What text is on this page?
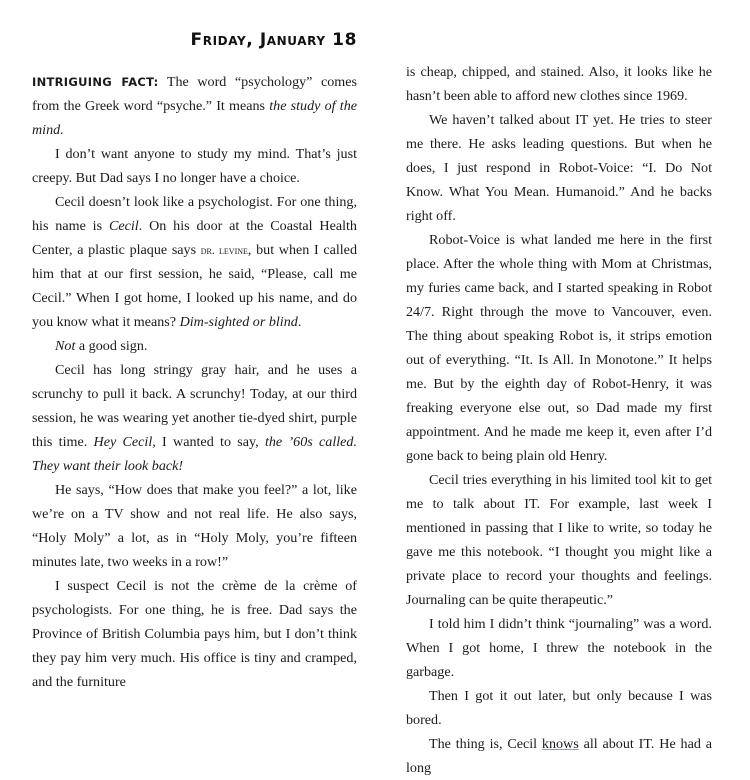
Friday, January 18

INTRIGUING FACT: The word “psychology” comes from the Greek word “psyche.” It means the study of the mind.

I don’t want anyone to study my mind. That’s just creepy. But Dad says I no longer have a choice.

Cecil doesn’t look like a psychologist. For one thing, his name is Cecil. On his door at the Coastal Health Center, a plastic plaque says dr. levine, but when I called him that at our first session, he said, “Please, call me Cecil.” When I got home, I looked up his name, and do you know what it means? Dim-sighted or blind.

Not a good sign.

Cecil has long stringy gray hair, and he uses a scrunchy to pull it back. A scrunchy! Today, at our third session, he was wearing yet another tie-dyed shirt, purple this time. Hey Cecil, I wanted to say, the ’60s called. They want their look back!

He says, “How does that make you feel?” a lot, like we’re on a TV show and not real life. He also says, “Holy Moly” a lot, as in “Holy Moly, you’re fifteen minutes late, two weeks in a row!”

I suspect Cecil is not the crème de la crème of psychologists. For one thing, he is free. Dad says the Province of British Columbia pays him, but I don’t think they pay him very much. His office is tiny and cramped, and the furniture

is cheap, chipped, and stained. Also, it looks like he hasn’t been able to afford new clothes since 1969.

We haven’t talked about IT yet. He tries to steer me there. He asks leading questions. But when he does, I just respond in Robot-Voice: “I. Do Not Know. What You Mean. Humanoid.” And he backs right off.

Robot-Voice is what landed me here in the first place. After the whole thing with Mom at Christmas, my furies came back, and I started speaking in Robot 24/7. Right through the move to Vancouver, even. The thing about speaking Robot is, it strips emotion out of everything. “It. Is All. In Monotone.” It helps me. But by the eighth day of Robot-Henry, it was freaking everyone else out, so Dad made my first appointment. And he made me keep it, even after I’d gone back to being plain old Henry.

Cecil tries everything in his limited tool kit to get me to talk about IT. For example, last week I mentioned in passing that I like to write, so today he gave me this notebook. “I thought you might like a private place to record your thoughts and feelings. Journaling can be quite therapeutic.”

I told him I didn’t think “journaling” was a word. When I got home, I threw the notebook in the garbage.

Then I got it out later, but only because I was bored.

The thing is, Cecil knows all about IT. He had a long
